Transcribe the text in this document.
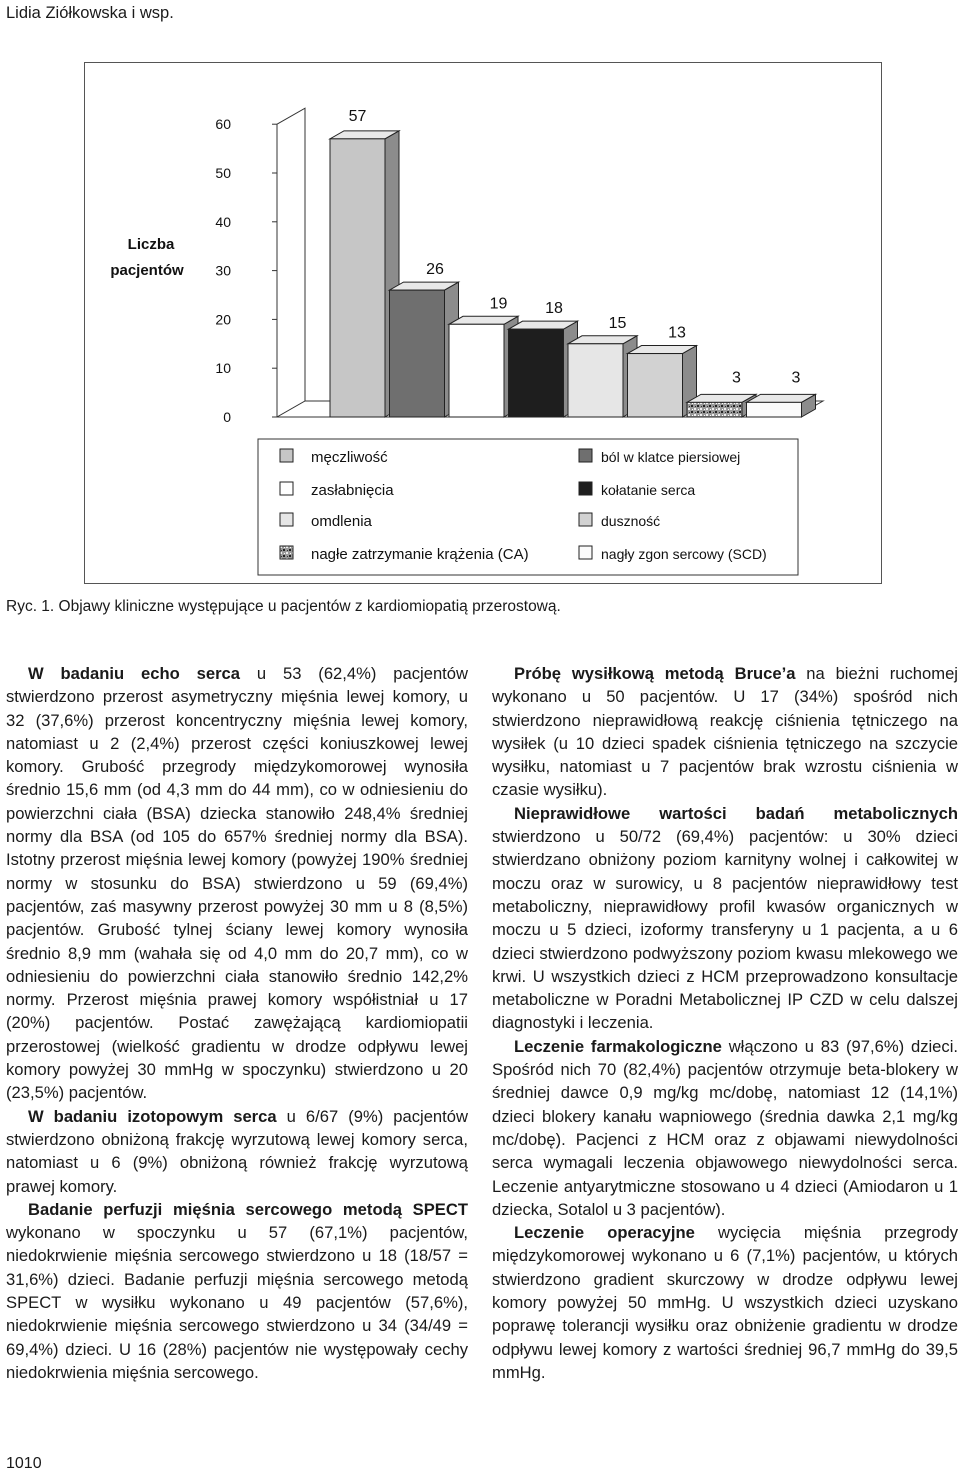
Lidia Ziółkowska i wsp.
0
10
20
30
40
50
60
Liczba
pacjentów
57
26
19 18
15
13
3	3
męczliwość
zasłabnięcia
omdlenia
nagłe zatrzymanie krążenia (CA)
ból w klatce piersiowej
kołatanie serca
duszność
nagły zgon sercowy (SCD)
Ryc. 1. Objawy kliniczne występujące u pacjentów z kardiomiopatią przerostową.

W badaniu echo serca u 53 (62,4%) pacjentów stwierdzono przerost asymetryczny mięśnia lewej komory, u 32 (37,6%) przerost koncentryczny mięśnia lewej komory, natomiast u 2 (2,4%) przerost części koniuszkowej lewej komory. Grubość przegrody międzykomorowej wynosiła średnio 15,6 mm (od 4,3 mm do 44 mm), co w odniesieniu do powierzchni ciała (BSA) dziecka stanowiło 248,4% średniej normy dla BSA (od 105 do 657% średniej normy dla BSA). Istotny przerost mięśnia lewej komory (powyżej 190% średniej normy w stosunku do BSA) stwierdzono u 59 (69,4%) pacjentów, zaś masywny przerost powyżej 30 mm u 8 (8,5%) pacjentów. Grubość tylnej ściany lewej komory wynosiła średnio 8,9 mm (wahała się od 4,0 mm do 20,7 mm), co w odniesieniu do powierzchni ciała stanowiło średnio 142,2% normy. Przerost mięśnia prawej komory współistniał u 17 (20%) pacjentów. Postać zawężającą kardiomiopatii przerostowej (wielkość gradientu w drodze odpływu lewej komory powyżej 30 mmHg w spoczynku) stwierdzono u 20 (23,5%) pacjentów.

W badaniu izotopowym serca u 6/67 (9%) pacjentów stwierdzono obniżoną frakcję wyrzutową lewej komory serca, natomiast u 6 (9%) obniżoną również frakcję wyrzutową prawej komory.

Badanie perfuzji mięśnia sercowego metodą SPECT wykonano w spoczynku u 57 (67,1%) pacjentów, niedokrwienie mięśnia sercowego stwierdzono u 18 (18/57 = 31,6%) dzieci. Badanie perfuzji mięśnia sercowego metodą SPECT w wysiłku wykonano u 49 pacjentów (57,6%), niedokrwienie mięśnia sercowego stwierdzono u 34 (34/49 = 69,4%) dzieci. U 16 (28%) pacjentów nie występowały cechy niedokrwienia mięśnia sercowego.

Próbę wysiłkową metodą Bruce’a na bieżni ruchomej wykonano u 50 pacjentów. U 17 (34%) spośród nich stwierdzono nieprawidłową reakcję ciśnienia tętniczego na wysiłek (u 10 dzieci spadek ciśnienia tętniczego na szczycie wysiłku, natomiast u 7 pacjentów brak wzrostu ciśnienia w czasie wysiłku).

Nieprawidłowe wartości badań metabolicznych stwierdzono u 50/72 (69,4%) pacjentów: u 30% dzieci stwierdzano obniżony poziom karnityny wolnej i całkowitej w moczu oraz w surowicy, u 8 pacjentów nieprawidłowy test metaboliczny, nieprawidłowy profil kwasów organicznych w moczu u 5 dzieci, izoformy transferyny u 1 pacjenta, a u 6 dzieci stwierdzono podwyższony poziom kwasu mlekowego we krwi. U wszystkich dzieci z HCM przeprowadzono konsultacje metaboliczne w Poradni Metabolicznej IP CZD w celu dalszej diagnostyki i leczenia.

Leczenie farmakologiczne włączono u 83 (97,6%) dzieci. Spośród nich 70 (82,4%) pacjentów otrzymuje beta-blokery w średniej dawce 0,9 mg/kg mc/dobę, natomiast 12 (14,1%) dzieci blokery kanału wapniowego (średnia dawka 2,1 mg/kg mc/dobę). Pacjenci z HCM oraz z objawami niewydolności serca wymagali leczenia objawowego niewydolności serca. Leczenie antyarytmiczne stosowano u 4 dzieci (Amiodaron u 1 dziecka, Sotalol u 3 pacjentów).

Leczenie operacyjne wycięcia mięśnia przegrody międzykomorowej wykonano u 6 (7,1%) pacjentów, u których stwierdzono gradient skurczowy w drodze odpływu lewej komory powyżej 50 mmHg. U wszystkich dzieci uzyskano poprawę tolerancji wysiłku oraz obniżenie gradientu w drodze odpływu lewej komory z wartości średniej 96,7 mmHg do 39,5 mmHg.

1010
